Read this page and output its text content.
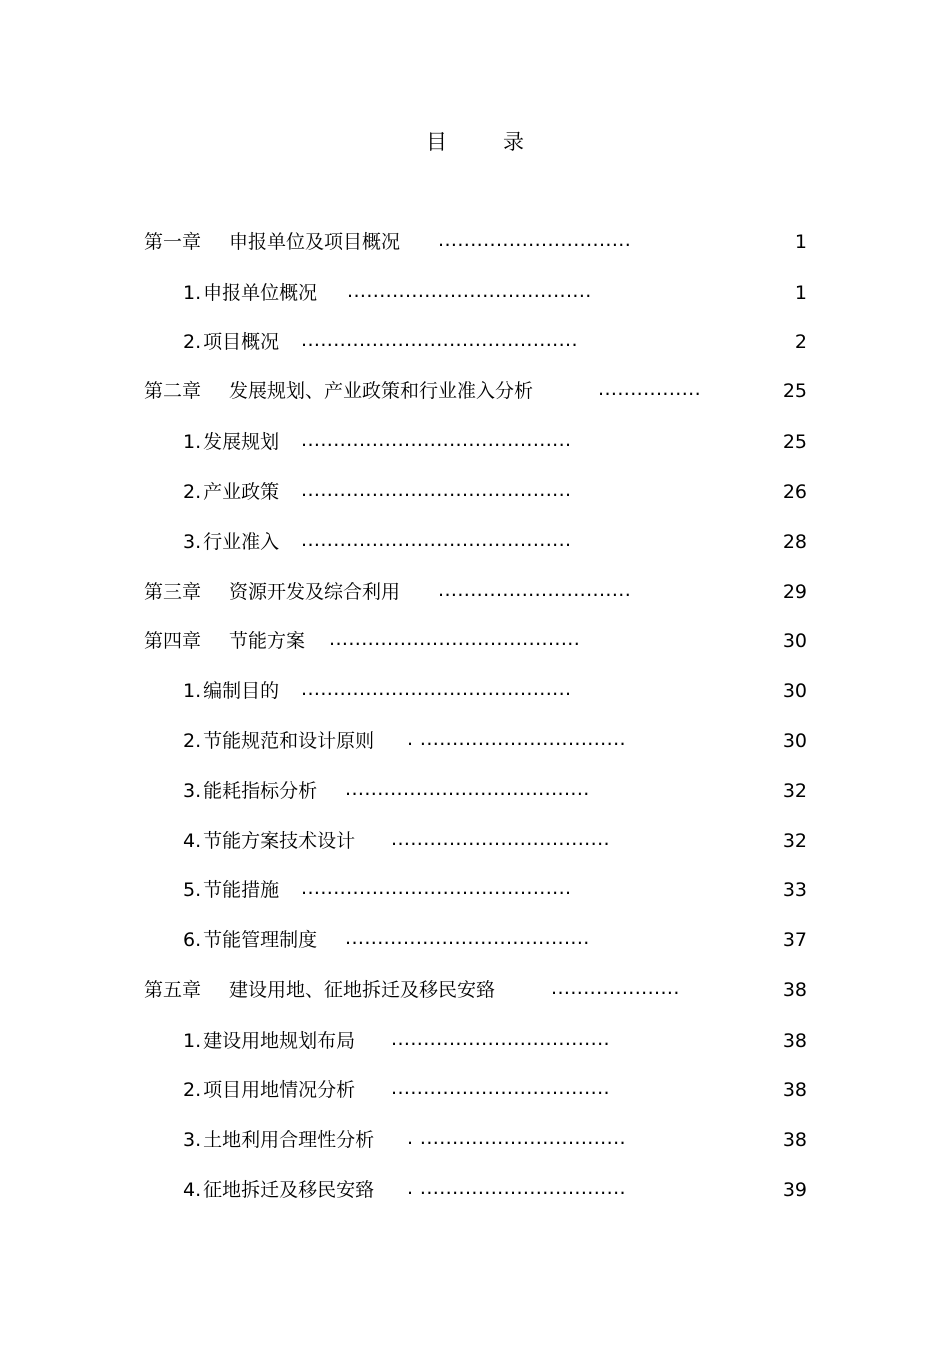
目	录
第一章 申报单位及项目概况 ..............................	1
1. 申报单位概况 ......................................	1
2. 项目概况 ...........................................	2
第二章 发展规划、产业政策和行业准入分析	................	25
1. 发展规划 ..........................................	25
2. 产业政策 ..........................................	26
3. 行业准入 ..........................................	28
第三章 资源开发及综合利用 ..............................	29
第四章 节能方案 .......................................	30
1. 编制目的 ..........................................	30
2. 节能规范和设计原则 . ................................	30
3. 能耗指标分析 ......................................	32
4. 节能方案技术设计 ..................................	32
5. 节能措施 ..........................................	33
6. 节能管理制度 ......................................	37
第五章 建设用地、征地拆迁及移民安臵	....................	38
1. 建设用地规划布局 ..................................	38
2. 项目用地情况分析 ..................................	38
3. 土地利用合理性分析 . ................................	38
4. 征地拆迁及移民安臵 . ................................	39
